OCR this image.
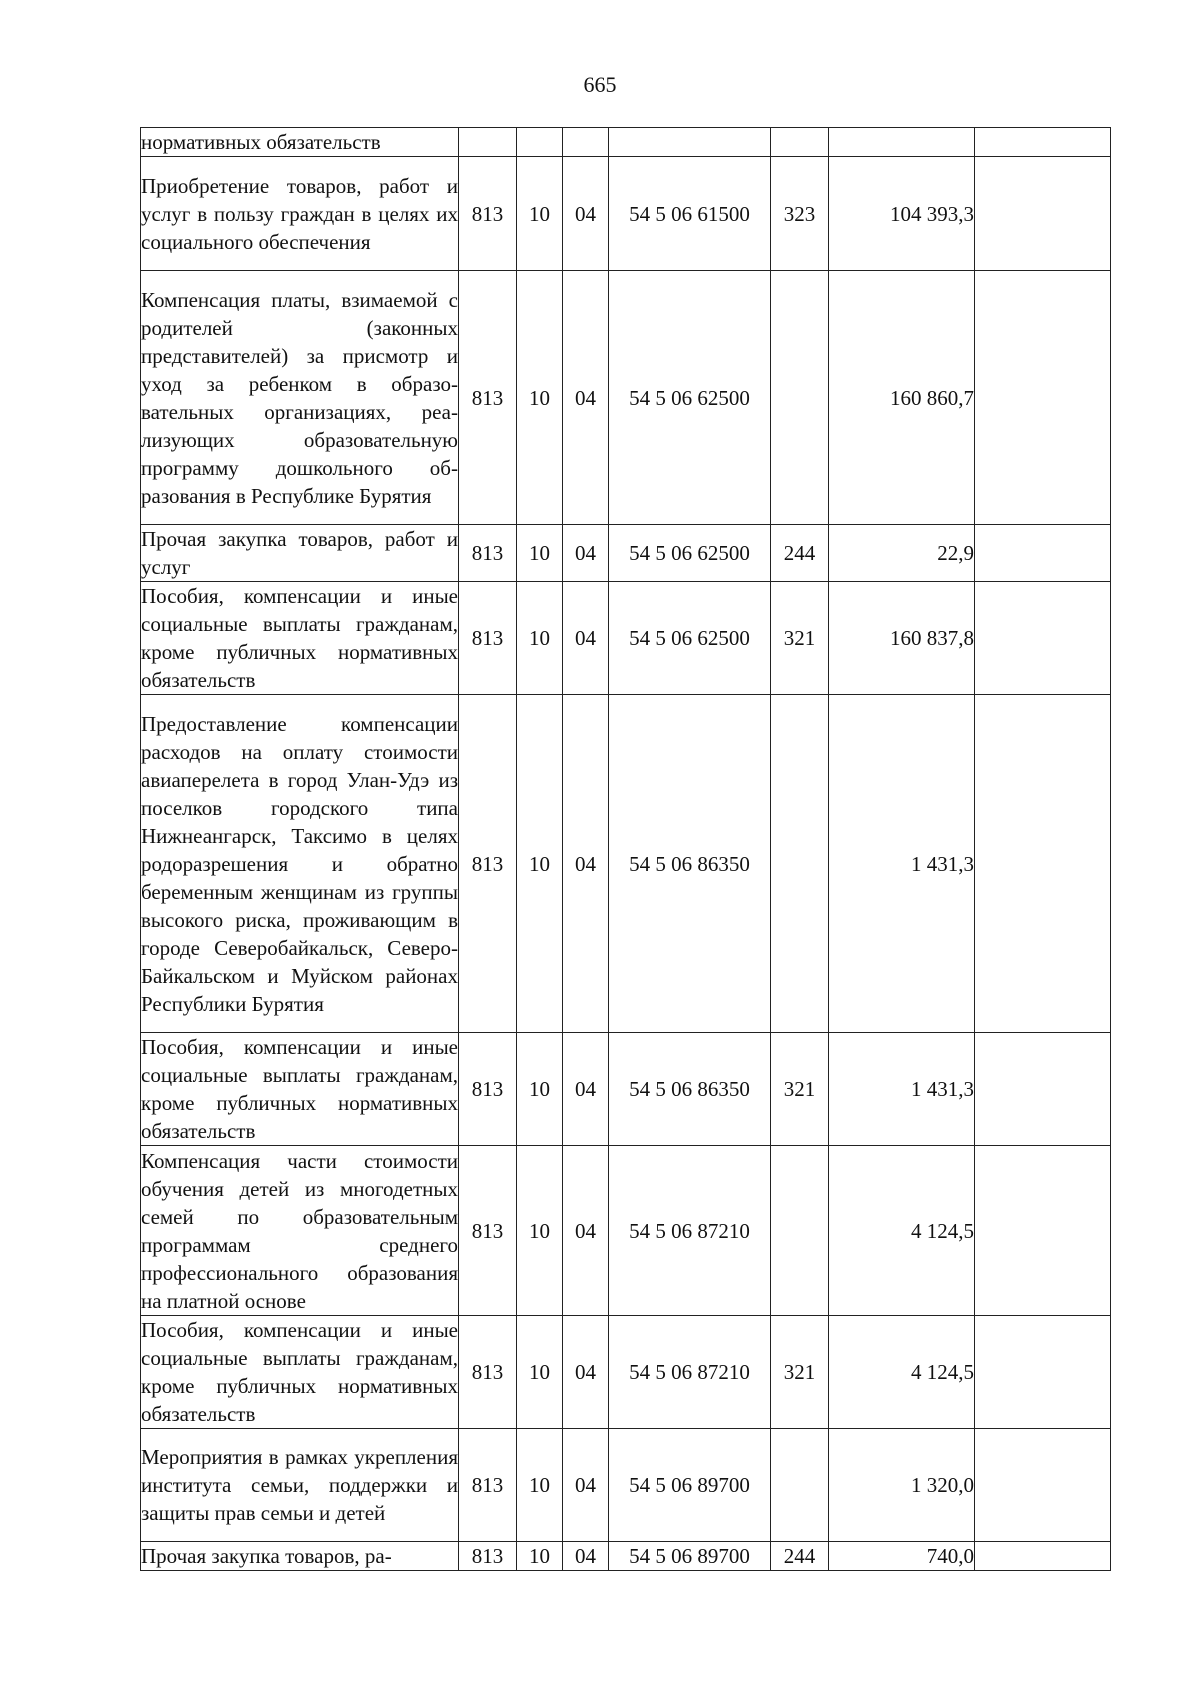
665
нормативных обязательств							
Приобретение товаров, работ и услуг в пользу граждан в целях их социального обеспечения	813	10	04	54 5 06 61500	323	104 393,3	
Компенсация платы, взимаемой с родителей (законных представителей) за присмотр и уход за ребенком в образовательных организациях, реализующих образовательную программу дошкольного образования в Республике Бурятия	813	10	04	54 5 06 62500		160 860,7	
Прочая закупка товаров, работ и услуг	813	10	04	54 5 06 62500	244	22,9	
Пособия, компенсации и иные социальные выплаты гражданам, кроме публичных нормативных обязательств	813	10	04	54 5 06 62500	321	160 837,8	
Предоставление компенсации расходов на оплату стоимости авиаперелета в город Улан-Удэ из поселков городского типа Нижнеангарск, Таксимо в целях родоразрешения и обратно беременным женщинам из группы высокого риска, проживающим в городе Северобайкальск, Северо-Байкальском и Муйском районах Республики Бурятия	813	10	04	54 5 06 86350		1 431,3	
Пособия, компенсации и иные социальные выплаты гражданам, кроме публичных нормативных обязательств	813	10	04	54 5 06 86350	321	1 431,3	
Компенсация части стоимости обучения детей из многодетных семей по образовательным программам среднего профессионального образования на платной основе	813	10	04	54 5 06 87210		4 124,5	
Пособия, компенсации и иные социальные выплаты гражданам, кроме публичных нормативных обязательств	813	10	04	54 5 06 87210	321	4 124,5	
Мероприятия в рамках укрепления института семьи, поддержки и защиты прав семьи и детей	813	10	04	54 5 06 89700		1 320,0	
Прочая закупка товаров, ра-	813	10	04	54 5 06 89700	244	740,0	
